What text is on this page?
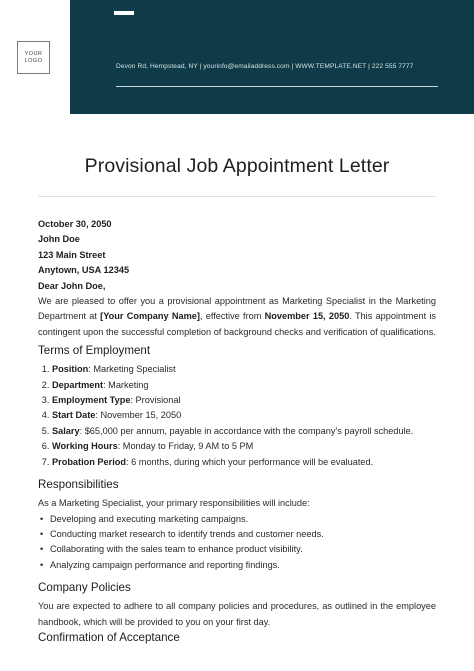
Devon Rd, Hempstead, NY | yourinfo@emailaddress.com | WWW.TEMPLATE.NET | 222 555 7777
YOUR
LOGO
Provisional Job Appointment Letter
October 30, 2050
John Doe
123 Main Street
Anytown, USA 12345
Dear John Doe,

We are pleased to offer you a provisional appointment as Marketing Specialist in the Marketing Department at [Your Company Name], effective from November 15, 2050. This appointment is contingent upon the successful completion of background checks and verification of qualifications.

Terms of Employment
1. Position: Marketing Specialist
2. Department: Marketing
3. Employment Type: Provisional
4. Start Date: November 15, 2050
5. Salary: $65,000 per annum, payable in accordance with the company's payroll schedule.
6. Working Hours: Monday to Friday, 9 AM to 5 PM
7. Probation Period: 6 months, during which your performance will be evaluated.
Responsibilities
As a Marketing Specialist, your primary responsibilities will include:
• Developing and executing marketing campaigns.
• Conducting market research to identify trends and customer needs.
• Collaborating with the sales team to enhance product visibility.
• Analyzing campaign performance and reporting findings.
Company Policies

You are expected to adhere to all company policies and procedures, as outlined in the employee handbook, which will be provided to you on your first day.

Confirmation of Acceptance
